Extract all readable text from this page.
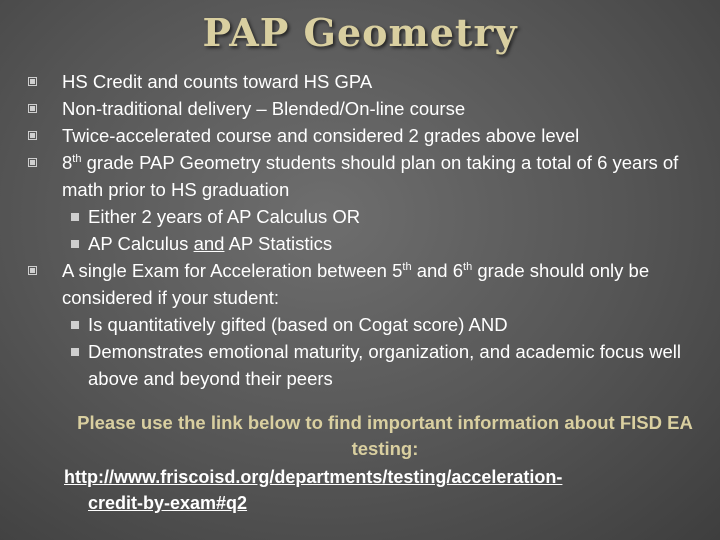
PAP Geometry
HS Credit and counts toward HS GPA
Non-traditional delivery – Blended/On-line course
Twice-accelerated course and considered 2 grades above level
8th grade PAP Geometry students should plan on taking a total of 6 years of math prior to HS graduation
Either 2 years of AP Calculus OR
AP Calculus and AP Statistics
A single Exam for Acceleration between 5th and 6th grade should only be considered if your student:
Is quantitatively gifted (based on Cogat score) AND
Demonstrates emotional maturity, organization, and academic focus well above and beyond their peers
Please use the link below to find important information about FISD EA testing:
http://www.friscoisd.org/departments/testing/acceleration-
credit-by-exam#q2
